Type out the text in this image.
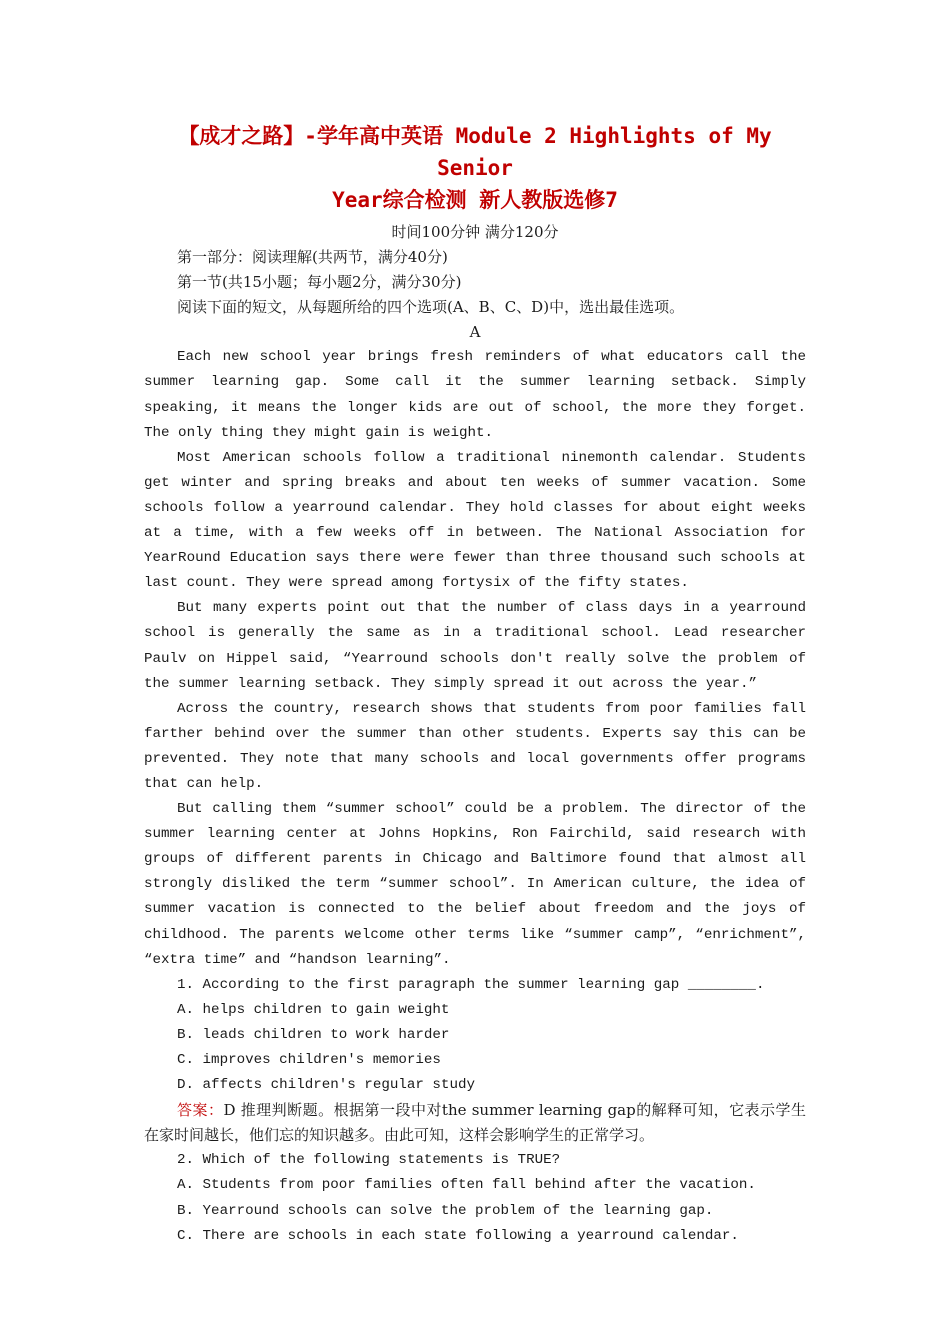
【成才之路】-学年高中英语 Module 2 Highlights of My Senior
Year综合检测 新人教版选修7

时间100分钟 满分120分

第一部分：阅读理解(共两节，满分40分)

第一节(共15小题；每小题2分，满分30分)

阅读下面的短文，从每题所给的四个选项(A、B、C、D)中，选出最佳选项。

A

Each new school year brings fresh reminders of what educators call the summer learning gap. Some call it the summer learning setback. Simply speaking, it means the longer kids are out of school, the more they forget. The only thing they might gain is weight.

Most American schools follow a traditional ninemonth calendar. Students get winter and spring breaks and about ten weeks of summer vacation. Some schools follow a yearround calendar. They hold classes for about eight weeks at a time, with a few weeks off in between. The National Association for YearRound Education says there were fewer than three thousand such schools at last count. They were spread among fortysix of the fifty states.

But many experts point out that the number of class days in a yearround school is generally the same as in a traditional school. Lead researcher Paulv on Hippel said, “Yearround schools don't really solve the problem of the summer learning setback. They simply spread it out across the year.”

Across the country, research shows that students from poor families fall farther behind over the summer than other students. Experts say this can be prevented. They note that many schools and local governments offer programs that can help.

But calling them “summer school” could be a problem. The director of the summer learning center at Johns Hopkins, Ron Fairchild, said research with groups of different parents in Chicago and Baltimore found that almost all strongly disliked the term “summer school”. In American culture, the idea of summer vacation is connected to the belief about freedom and the joys of childhood. The parents welcome other terms like “summer camp”, “enrichment”, “extra time” and “handson learning”.

1. According to the first paragraph the summer learning gap ________.

A. helps children to gain weight

B. leads children to work harder

C. improves children's memories

D. affects children's regular study

答案：D 推理判断题。根据第一段中对the summer learning gap的解释可知，它表示学生在家时间越长，他们忘的知识越多。由此可知，这样会影响学生的正常学习。

2. Which of the following statements is TRUE?

A. Students from poor families often fall behind after the vacation.

B. Yearround schools can solve the problem of the learning gap.

C. There are schools in each state following a yearround calendar.
